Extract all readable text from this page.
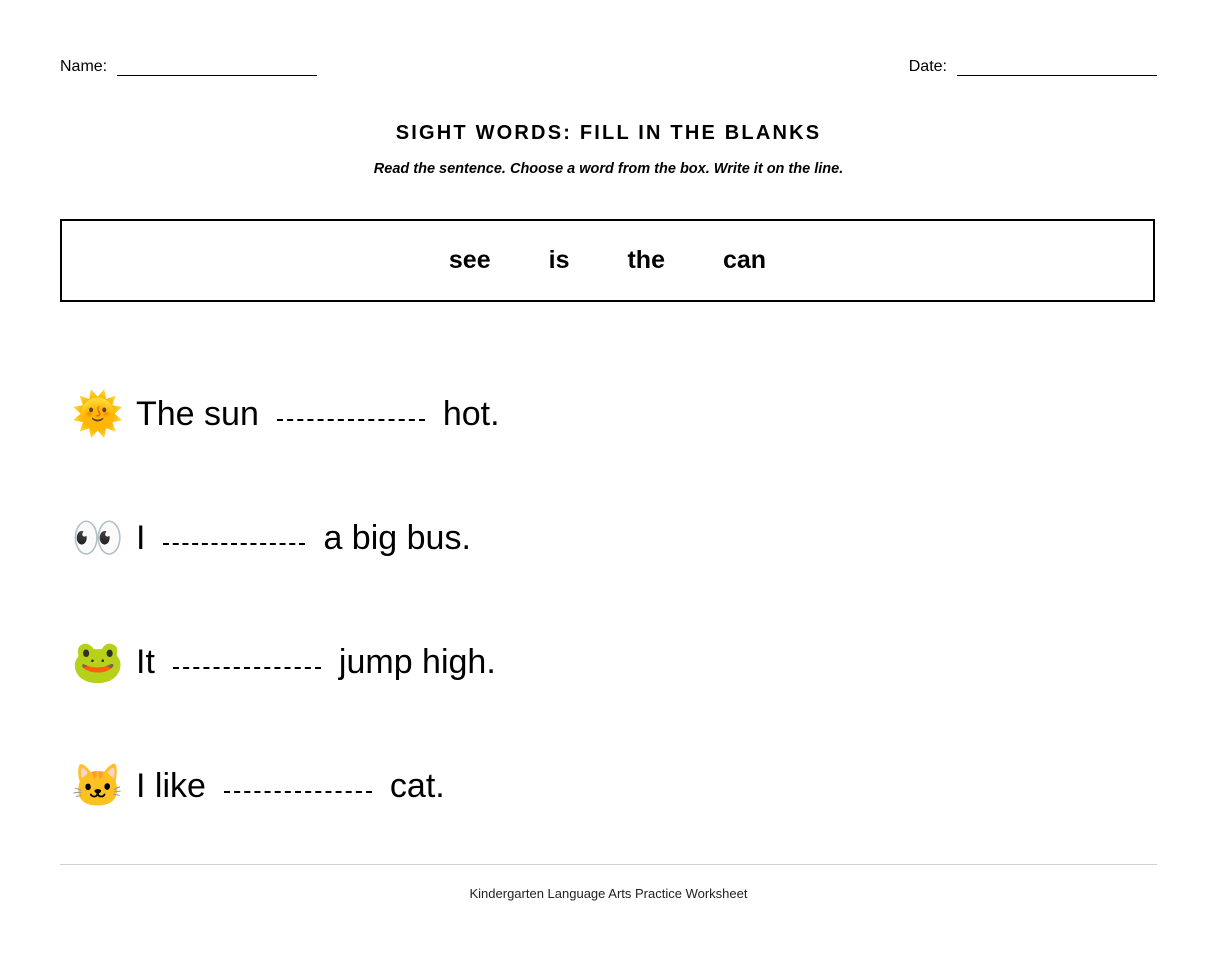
Name:	Date:
SIGHT WORDS: FILL IN THE BLANKS
Read the sentence. Choose a word from the box. Write it on the line.
see is the can
🌞 The sun	hot.
👀 I	a big bus.
🐸 It	jump high.
🐱 I like	cat.
Kindergarten Language Arts Practice Worksheet
